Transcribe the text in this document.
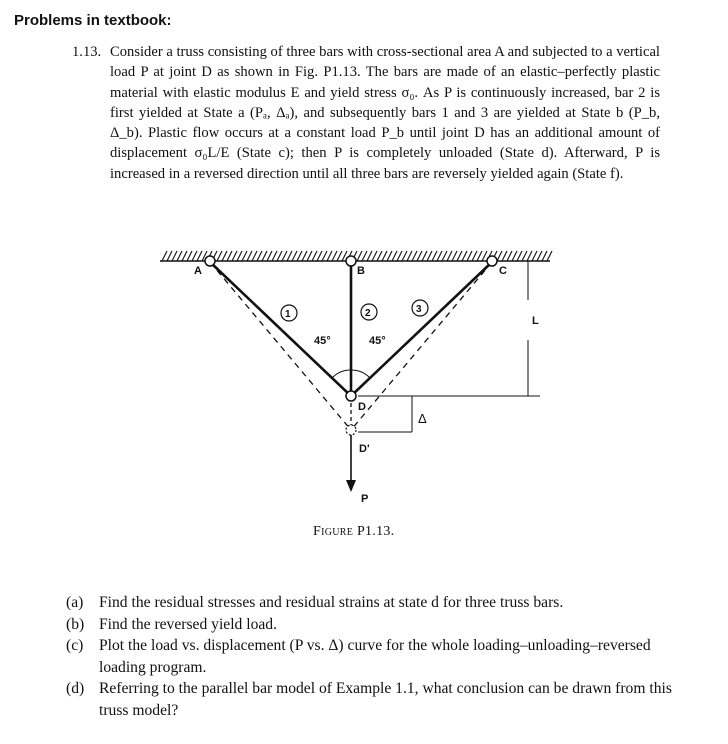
Problems in textbook:
1.13. Consider a truss consisting of three bars with cross-sectional area A and subjected to a vertical load P at joint D as shown in Fig. P1.13. The bars are made of an elastic–perfectly plastic material with elastic modulus E and yield stress σ₀. As P is continuously increased, bar 2 is first yielded at State a (Pₐ, Δₐ), and subsequently bars 1 and 3 are yielded at State b (P_b, Δ_b). Plastic flow occurs at a constant load P_b until joint D has an additional amount of displacement σ₀L/E (State c); then P is completely unloaded (State d). Afterward, P is increased in a reversed direction until all three bars are reversely yielded again (State f).
A	B	C
D
D'
L
P
Δ
45°	45°
1	2	3
Figure P1.13.
(a) Find the residual stresses and residual strains at state d for three truss bars.
(b) Find the reversed yield load.
(c) Plot the load vs. displacement (P vs. Δ) curve for the whole loading–unloading–reversed loading program.
(d) Referring to the parallel bar model of Example 1.1, what conclusion can be drawn from this truss model?
